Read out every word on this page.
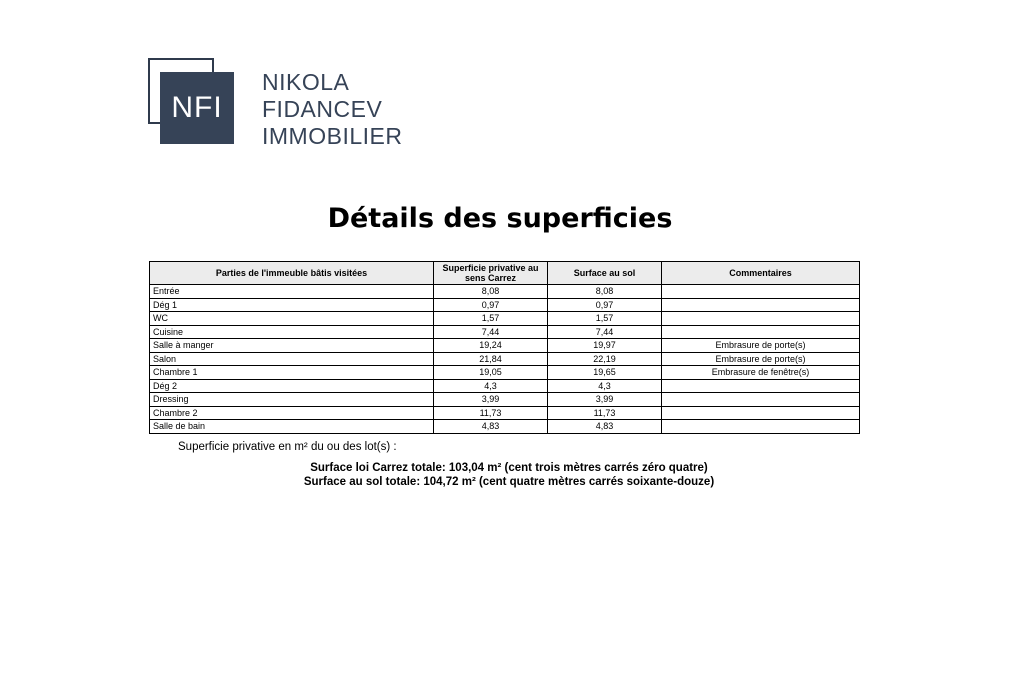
NFI
NIKOLA
FIDANCEV
IMMOBILIER
Détails des superficies
Parties de l'immeuble bâtis visitées	Superficie privative au sens Carrez	Surface au sol	Commentaires
Entrée	8,08	8,08	
Dég 1	0,97	0,97	
WC	1,57	1,57	
Cuisine	7,44	7,44	
Salle à manger	19,24	19,97	Embrasure de porte(s)
Salon	21,84	22,19	Embrasure de porte(s)
Chambre 1	19,05	19,65	Embrasure de fenêtre(s)
Dég 2	4,3	4,3	
Dressing	3,99	3,99	
Chambre 2	11,73	11,73	
Salle de bain	4,83	4,83	
Superficie privative en m² du ou des lot(s) :
Surface loi Carrez totale: 103,04 m² (cent trois mètres carrés zéro quatre)
Surface au sol totale: 104,72 m² (cent quatre mètres carrés soixante-douze)
